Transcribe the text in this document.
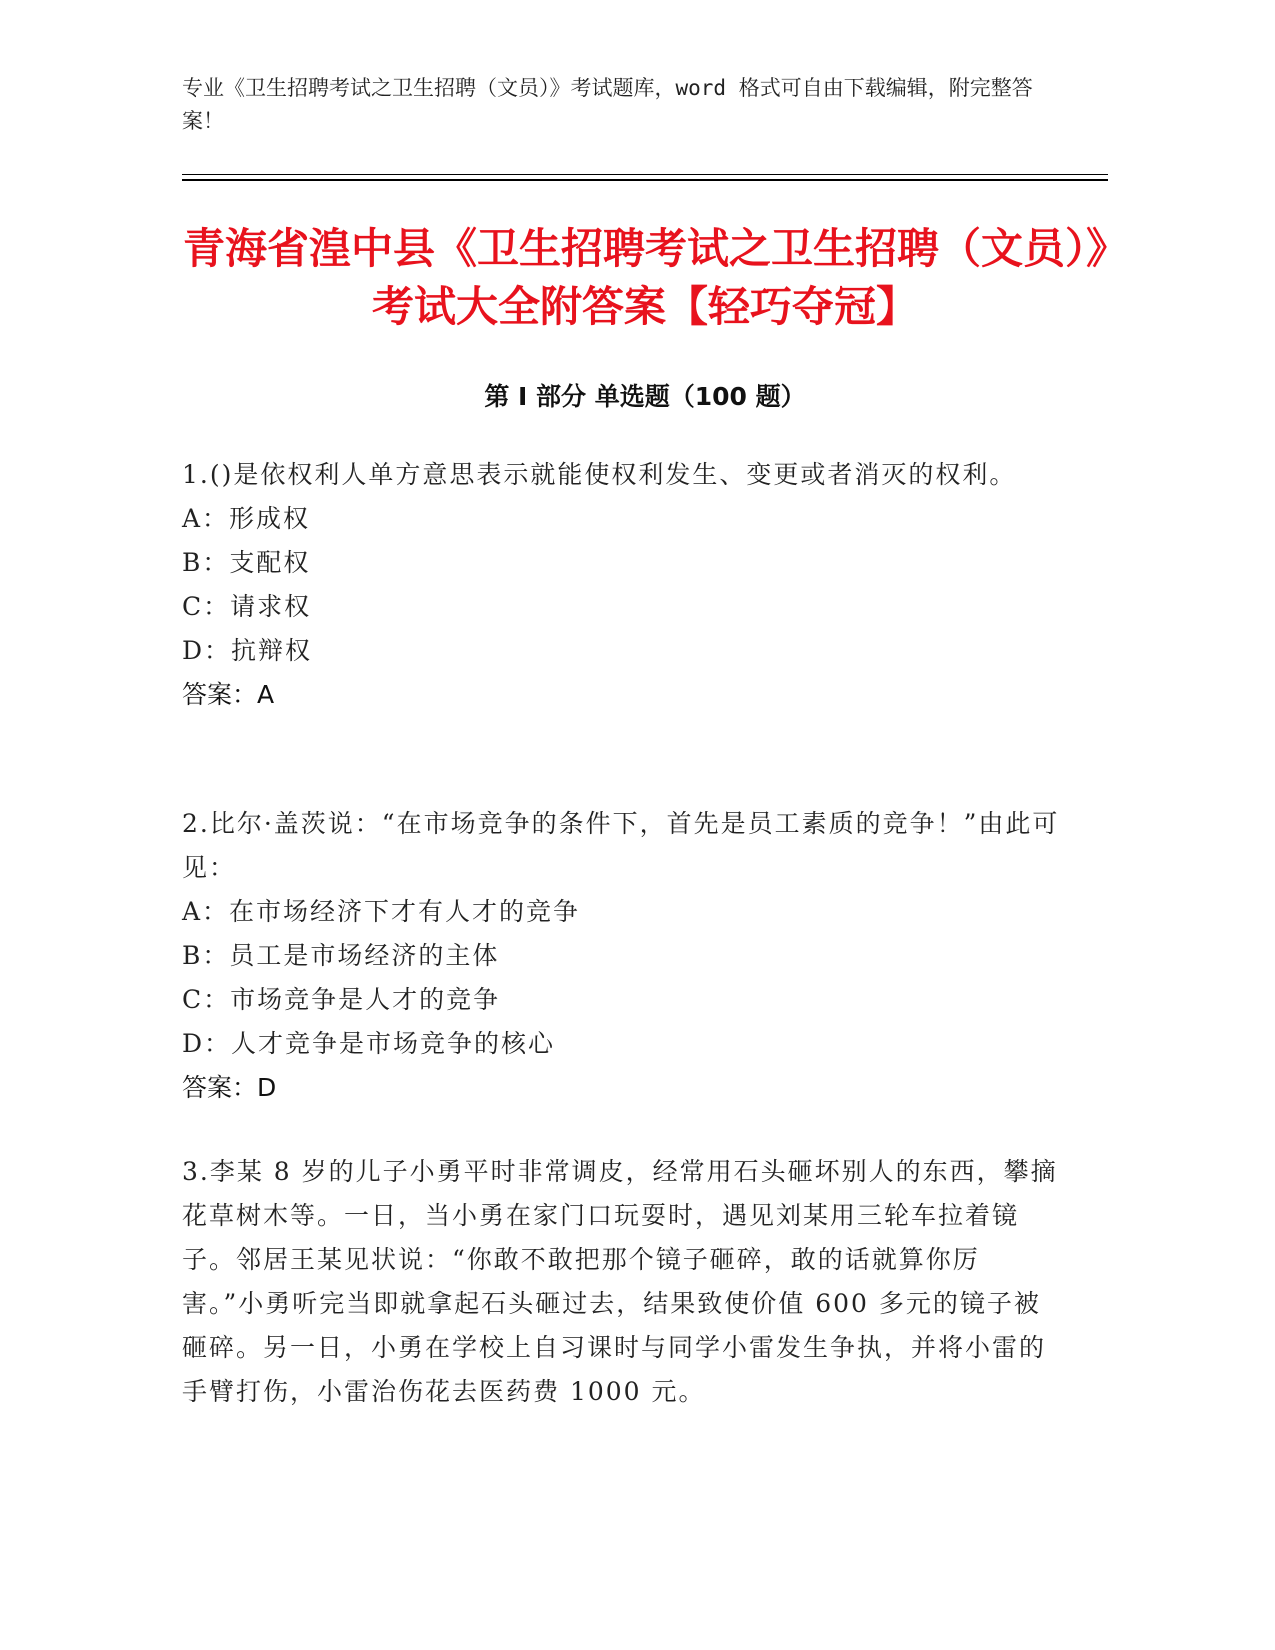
专业《卫生招聘考试之卫生招聘（文员）》考试题库，word 格式可自由下载编辑，附完整答案！

青海省湟中县《卫生招聘考试之卫生招聘（文员）》考试大全附答案【轻巧夺冠】
第 I 部分 单选题（100 题）

1.()是依权利人单方意思表示就能使权利发生、变更或者消灭的权利。

A：形成权

B：支配权

C：请求权

D：抗辩权

答案：A

2.比尔·盖茨说：“在市场竞争的条件下，首先是员工素质的竞争！”由此可见：

A：在市场经济下才有人才的竞争

B：员工是市场经济的主体

C：市场竞争是人才的竞争

D：人才竞争是市场竞争的核心

答案：D

3.李某 8 岁的儿子小勇平时非常调皮，经常用石头砸坏别人的东西，攀摘花草树木等。一日，当小勇在家门口玩耍时，遇见刘某用三轮车拉着镜子。邻居王某见状说：“你敢不敢把那个镜子砸碎，敢的话就算你厉害。”小勇听完当即就拿起石头砸过去，结果致使价值 600 多元的镜子被砸碎。另一日，小勇在学校上自习课时与同学小雷发生争执，并将小雷的手臂打伤，小雷治伤花去医药费 1000 元。
